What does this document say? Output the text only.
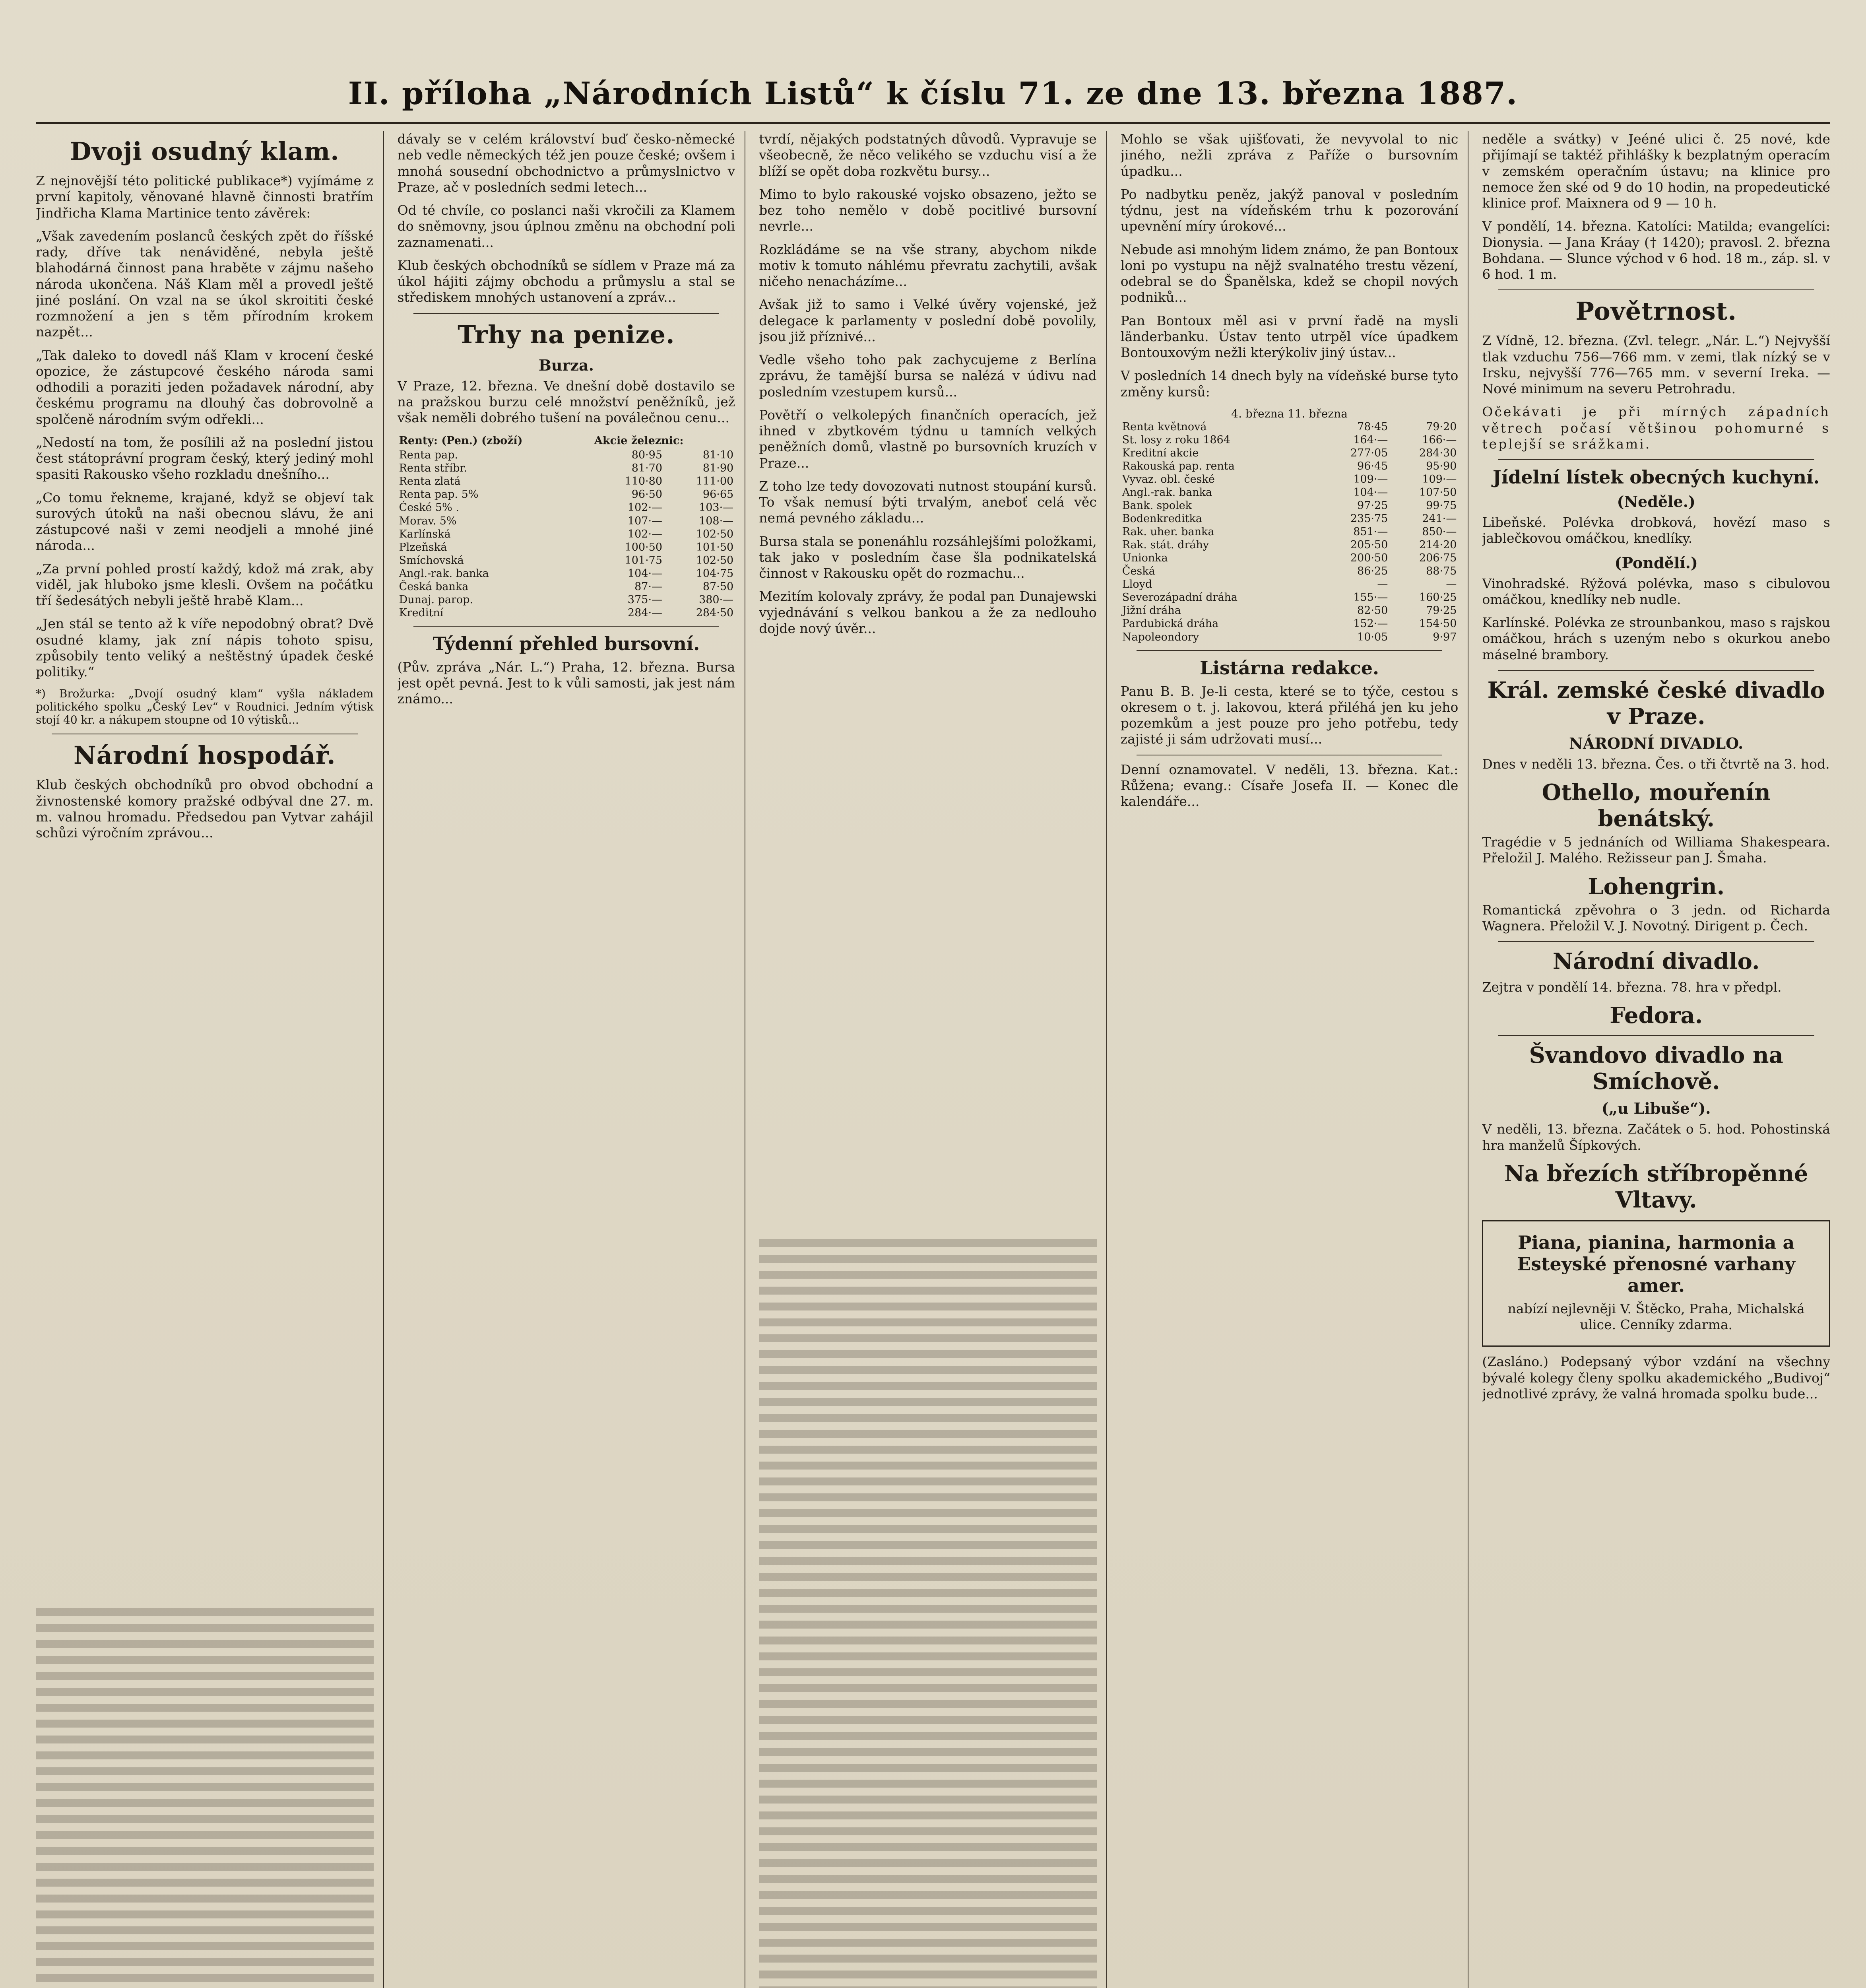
II. příloha „Národních Listů“ k číslu 71. ze dne 13. března 1887.
Dvoji osudný klam.

Z nejnovější této politické publikace*) vyjímáme z první kapitoly, věnované hlavně činnosti bratřím Jindřicha Klama Martinice tento závěrek:

„Však zavedením poslanců českých zpět do říšské rady, dříve tak nenáviděné, nebyla ještě blahodárná činnost pana hraběte v zájmu našeho národa ukončena. Náš Klam měl a provedl ještě jiné poslání. On vzal na se úkol skroititi české rozmnožení a jen s těm přírodním krokem nazpět...

„Tak daleko to dovedl náš Klam v krocení české opozice, že zástupcové českého národa sami odhodili a poraziti jeden požadavek národní, aby českému programu na dlouhý čas dobrovolně a spolčeně národním svým odřekli...

„Nedostí na tom, že posílili až na poslední jistou čest státoprávní program český, který jediný mohl spasiti Rakousko všeho rozkladu dnešního...

„Co tomu řekneme, krajané, když se objeví tak surových útoků na naši obecnou slávu, že ani zástupcové naši v zemi neodjeli a mnohé jiné národa...

„Za první pohled prostí každý, kdož má zrak, aby viděl, jak hluboko jsme klesli. Ovšem na počátku tří šedesátých nebyli ještě hrabě Klam...

„Jen stál se tento až k víře nepodobný obrat? Dvě osudné klamy, jak zní nápis tohoto spisu, způsobily tento veliký a neštěstný úpadek české politiky.“

*) Brožurka: „Dvojí osudný klam“ vyšla nákladem politického spolku „Český Lev“ v Roudnici. Jedním výtisk stojí 40 kr. a nákupem stoupne od 10 výtisků...

Národní hospodář.

Klub českých obchodníků pro obvod obchodní a živnostenské komory pražské odbýval dne 27. m. m. valnou hromadu. Předsedou pan Vytvar zahájil schůzi výročním zprávou...

dávaly se v celém království buď česko-německé neb vedle německých též jen pouze české; ovšem i mnohá sousední obchodnictvo a průmyslnictvo v Praze, ač v posledních sedmi letech...

Od té chvíle, co poslanci naši vkročili za Klamem do sněmovny, jsou úplnou změnu na obchodní poli zaznamenati...

Klub českých obchodníků se sídlem v Praze má za úkol hájiti zájmy obchodu a průmyslu a stal se střediskem mnohých ustanovení a zpráv...

Trhy na penize.
Burza.

V Praze, 12. března. Ve dnešní době dostavilo se na pražskou burzu celé množství peněžníků, jež však neměli dobrého tušení na poválečnou cenu...

Renty: (Pen.) (zboží)	Akcie železnic:	
Renta pap.	80·95	81·10
Renta stříbr.	81·70	81·90
Renta zlatá	110·80	111·00
Renta pap. 5%	96·50	96·65
Ćeské 5% .	102·—	103·—
Morav. 5%	107·—	108·—
Karlínská	102·—	102·50
Plzeňská	100·50	101·50
Smíchovská	101·75	102·50
Angl.-rak. banka	104·—	104·75
Česká banka	87·—	87·50
Dunaj. parop.	375·—	380·—
Kreditní	284·—	284·50
Týdenní přehled bursovní.

(Pův. zpráva „Nár. L.“) Praha, 12. března. Bursa jest opět pevná. Jest to k vůli samosti, jak jest nám známo...

tvrdí, nějakých podstatných důvodů. Vypravuje se všeobecně, že něco velikého se vzduchu visí a že blíží se opět doba rozkvětu bursy...

Mimo to bylo rakouské vojsko obsazeno, ježto se bez toho nemělo v době pocitlivé bursovní nevrle...

Rozkládáme se na vše strany, abychom nikde motiv k tomuto náhlému převratu zachytili, avšak ničeho nenacházíme...

Avšak již to samo i Velké úvěry vojenské, jež delegace k parlamenty v poslední době povolily, jsou již příznivé...

Vedle všeho toho pak zachycujeme z Berlína zprávu, že tamější bursa se nalézá v údivu nad posledním vzestupem kursů...

Povětří o velkolepých finančních operacích, jež ihned v zbytkovém týdnu u tamních velkých peněžních domů, vlastně po bursovních kruzích v Praze...

Z toho lze tedy dovozovati nutnost stoupání kursů. To však nemusí býti trvalým, aneboť celá věc nemá pevného základu...

Bursa stala se ponenáhlu rozsáhlejšími položkami, tak jako v posledním čase šla podnikatelská činnost v Rakousku opět do rozmachu...

Mezitím kolovaly zprávy, že podal pan Dunajewski vyjednávání s velkou bankou a že za nedlouho dojde nový úvěr...

Mohlo se však ujišťovati, že nevyvolal to nic jiného, nežli zpráva z Paříže o bursovním úpadku...

Po nadbytku peněz, jakýž panoval v posledním týdnu, jest na vídeňském trhu k pozorování upevnění míry úrokové...

Nebude asi mnohým lidem známo, že pan Bontoux loni po vystupu na nějž svalnatého trestu vězení, odebral se do Španělska, kdež se chopil nových podniků...

Pan Bontoux měl asi v první řadě na mysli länderbanku. Ústav tento utrpěl více úpadkem Bontouxovým nežli kterýkoliv jiný ústav...

V posledních 14 dnech byly na vídeňské burse tyto změny kursů:

4. března 11. března
Renta květnová	78·45	79·20
St. losy z roku 1864	164·—	166·—
Kreditní akcie	277·05	284·30
Rakouská pap. renta	96·45	95·90
Vyvaz. obl. české	109·—	109·—
Angl.-rak. banka	104·—	107·50
Bank. spolek	97·25	99·75
Bodenkreditka	235·75	241·—
Rak. uher. banka	851·—	850·—
Rak. stát. dráhy	205·50	214·20
Unionka	200·50	206·75
Česká	86·25	88·75
Lloyd	—	—
Severozápadní dráha	155·—	160·25
Jižní dráha	82·50	79·25
Pardubická dráha	152·—	154·50
Napoleondory	10·05	9·97
Listárna redakce.

Panu B. B. Je-li cesta, které se to týče, cestou s okresem o t. j. lakovou, která přiléhá jen ku jeho pozemkům a jest pouze pro jeho potřebu, tedy zajisté ji sám udržovati musí...

Denní oznamovatel. V neděli, 13. března. Kat.: Růžena; evang.: Císaře Josefa II. — Konec dle kalendáře...

neděle a svátky) v Jeéné ulici č. 25 nové, kde přijímají se taktéž přihlášky k bezplatným operacím v zemském operačním ústavu; na klinice pro nemoce žen ské od 9 do 10 hodin, na propedeutické klinice prof. Maixnera od 9 — 10 h.

V pondělí, 14. března. Katolíci: Matilda; evangelíci: Dionysia. — Jana Kráay († 1420); pravosl. 2. března Bohdana. — Slunce východ v 6 hod. 18 m., záp. sl. v 6 hod. 1 m.

Povětrnost.

Z Vídně, 12. března. (Zvl. telegr. „Nár. L.“) Nejvyšší tlak vzduchu 756—766 mm. v zemi, tlak nízký se v Irsku, nejvyšší 776—765 mm. v severní Ireka. — Nové minimum na severu Petrohradu.

Očekávati je při mírných západních větrech počasí většinou pohomurné s teplejší se srážkami.

Jídelní lístek obecných kuchyní.
(Neděle.)

Libeňské. Polévka drobková, hovězí maso s jablečkovou omáčkou, knedlíky.

(Pondělí.)

Vinohradské. Rýžová polévka, maso s cibulovou omáčkou, knedlíky neb nudle.

Karlínské. Polévka ze strounbankou, maso s rajskou omáčkou, hrách s uzeným nebo s okurkou anebo máselné brambory.

Král. zemské české divadlo v Praze.
NÁRODNÍ DIVADLO.

Dnes v neděli 13. března. Čes. o tři čtvrtě na 3. hod.

Othello, mouřenín benátský.

Tragédie v 5 jednáních od Williama Shakespeara. Přeložil J. Malého. Režisseur pan J. Šmaha.

Lohengrin.

Romantická zpěvohra o 3 jedn. od Richarda Wagnera. Přeložil V. J. Novotný. Dirigent p. Čech.

Národní divadlo.

Zejtra v pondělí 14. března. 78. hra v předpl.

Fedora.
Švandovo divadlo na Smíchově.
(„u Libuše“).

V neděli, 13. března. Začátek o 5. hod. Pohostinská hra manželů Šípkových.

Na březích stříbropěnné Vltavy.
Piana, pianina, harmonia a Esteyské přenosné varhany amer.

nabízí nejlevněji V. Štěcko, Praha, Michalská ulice. Cenníky zdarma.

(Zasláno.) Podepsaný výbor vzdání na všechny bývalé kolegy členy spolku akademického „Budivoj“ jednotlivé zprávy, že valná hromada spolku bude...
